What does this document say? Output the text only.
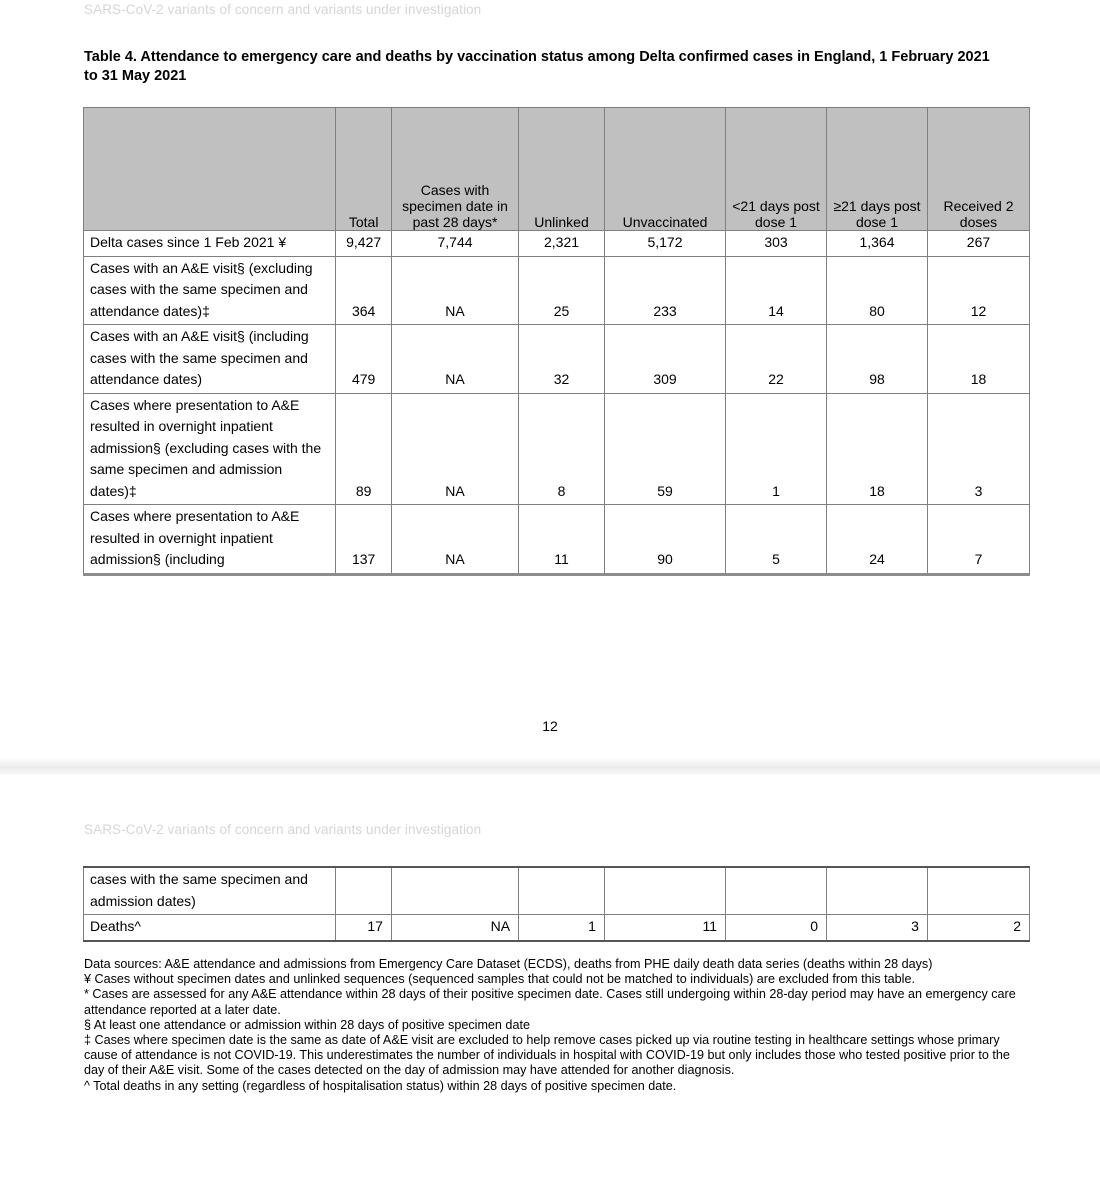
SARS-CoV-2 variants of concern and variants under investigation
Table 4. Attendance to emergency care and deaths by vaccination status among Delta confirmed cases in England, 1 February 2021 to 31 May 2021
	Total	Cases with specimen date in past 28 days*	Unlinked	Unvaccinated	<21 days post dose 1	≥21 days post dose 1	Received 2 doses
Delta cases since 1 Feb 2021 ¥	9,427	7,744	2,321	5,172	303	1,364	267
Cases with an A&E visit§ (excluding cases with the same specimen and attendance dates)‡	364	NA	25	233	14	80	12
Cases with an A&E visit§ (including cases with the same specimen and attendance dates)	479	NA	32	309	22	98	18
Cases where presentation to A&E resulted in overnight inpatient admission§ (excluding cases with the same specimen and admission dates)‡	89	NA	8	59	1	18	3
Cases where presentation to A&E resulted in overnight inpatient admission§ (including	137	NA	11	90	5	24	7
12
SARS-CoV-2 variants of concern and variants under investigation
cases with the same specimen and admission dates)							
Deaths^	17	NA	1	11	0	3	2

Data sources: A&E attendance and admissions from Emergency Care Dataset (ECDS), deaths from PHE daily death data series (deaths within 28 days)

¥ Cases without specimen dates and unlinked sequences (sequenced samples that could not be matched to individuals) are excluded from this table.

* Cases are assessed for any A&E attendance within 28 days of their positive specimen date. Cases still undergoing within 28-day period may have an emergency care attendance reported at a later date.

§ At least one attendance or admission within 28 days of positive specimen date

‡ Cases where specimen date is the same as date of A&E visit are excluded to help remove cases picked up via routine testing in healthcare settings whose primary cause of attendance is not COVID-19. This underestimates the number of individuals in hospital with COVID-19 but only includes those who tested positive prior to the day of their A&E visit. Some of the cases detected on the day of admission may have attended for another diagnosis.

^ Total deaths in any setting (regardless of hospitalisation status) within 28 days of positive specimen date.
